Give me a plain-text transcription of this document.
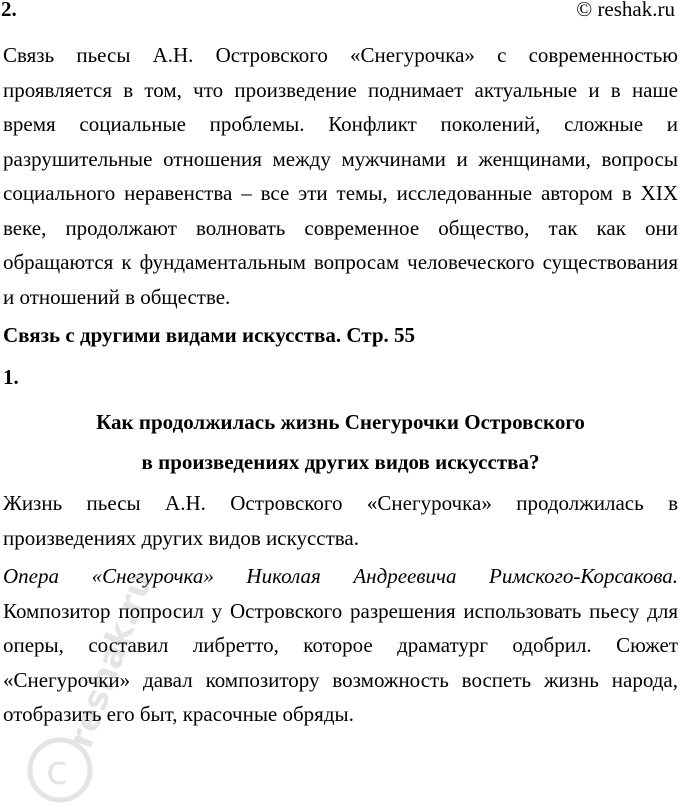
2.	© reshak.ru

Связь пьесы А.Н. Островского «Снегурочка» с современностью проявляется в том, что произведение поднимает актуальные и в наше время социальные проблемы. Конфликт поколений, сложные и разрушительные отношения между мужчинами и женщинами, вопросы социального неравенства – все эти темы, исследованные автором в XIX веке, продолжают волновать современное общество, так как они обращаются к фундаментальным вопросам человеческого существования и отношений в обществе.

Связь с другими видами искусства. Стр. 55

1.

Как продолжилась жизнь Снегурочки Островского
в произведениях других видов искусства?

Жизнь пьесы А.Н. Островского «Снегурочка» продолжилась в произведениях других видов искусства.

Опера «Снегурочка» Николая Андреевича Римского-Корсакова. Композитор попросил у Островского разрешения использовать пьесу для оперы, составил либретто, которое драматург одобрил. Сюжет «Снегурочки» давал композитору возможность воспеть жизнь народа, отобразить его быт, красочные обряды.

c
reshak.ru
